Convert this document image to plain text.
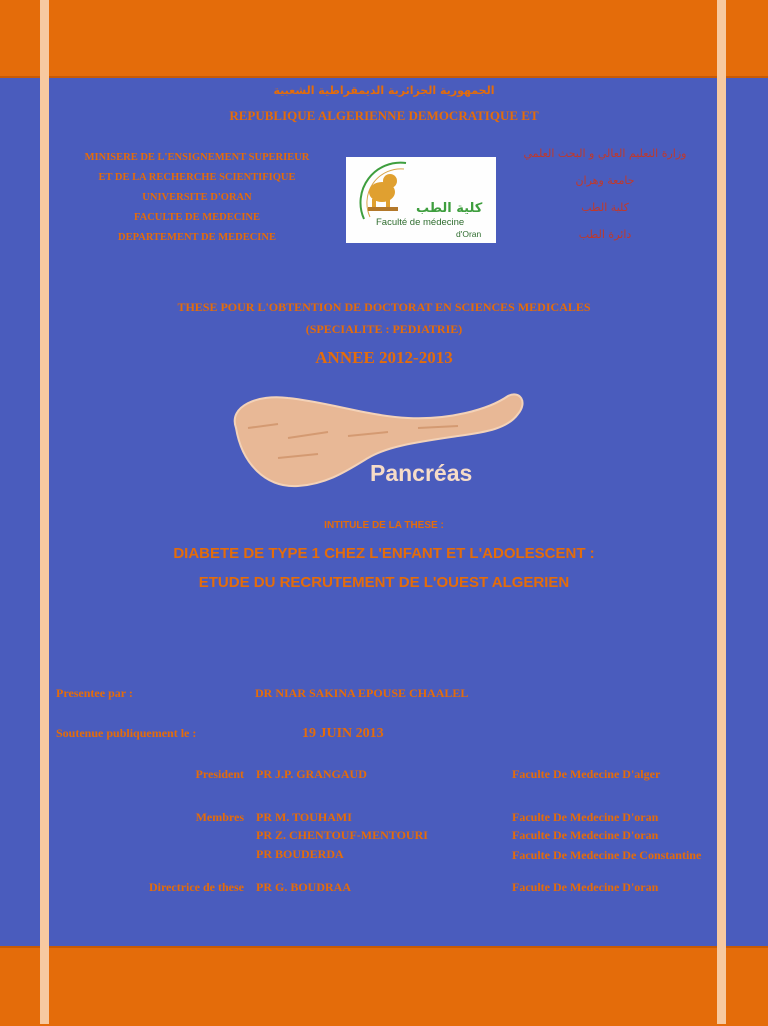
الجمهورية الجزائرية الديمقراطية الشعبية
REPUBLIQUE ALGERIENNE DEMOCRATIQUE ET
MINISERE DE L'ENSIGNEMENT SUPERIEUR
ET DE LA RECHERCHE SCIENTIFIQUE
UNIVERSITE D'ORAN
FACULTE DE MEDECINE
DEPARTEMENT DE MEDECINE
كلية الطب
Faculté de médecine
d'Oran
وزارة التعليم العالي و البحث العلمي
جامعة وهران
كلية الطب
دائرة الطب
THESE POUR L'OBTENTION DE DOCTORAT EN SCIENCES MEDICALES
(SPECIALITE : PEDIATRIE)
ANNEE 2012-2013
Pancréas
INTITULE DE LA THESE :
DIABETE DE TYPE 1 CHEZ L'ENFANT ET L'ADOLESCENT :
ETUDE DU RECRUTEMENT DE L'OUEST ALGERIEN
Presentee par :	DR NIAR SAKINA EPOUSE CHAALEL
Soutenue publiquement le :	19 JUIN 2013
President PR J.P. GRANGAUD	Faculte De Medecine D'alger
Membres PR M. TOUHAMI	Faculte De Medecine D'oran
PR Z. CHENTOUF-MENTOURI	Faculte De Medecine D'oran
PR BOUDERDA	Faculte De Medecine De Constantine
Directrice de these PR G. BOUDRAA	Faculte De Medecine D'oran
